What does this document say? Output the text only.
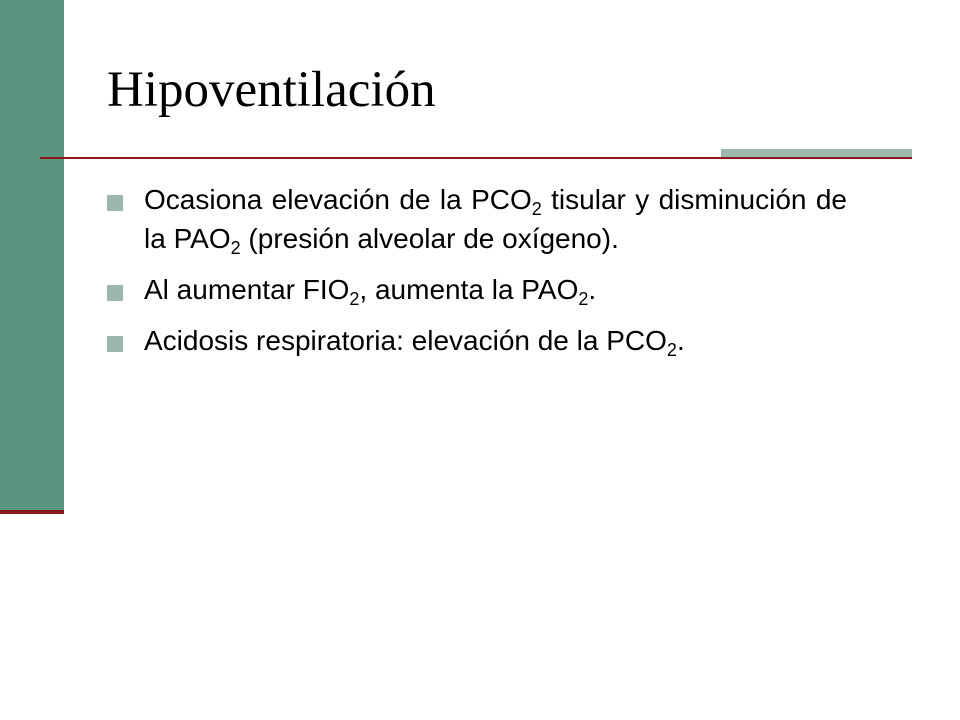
Hipoventilación
Ocasiona elevación de la $PCO_2$ tisular y disminución de la $PAO_2$ (presión alveolar de oxígeno).
Al aumentar $FIO_2$, aumenta la $PAO_2$.
Acidosis respiratoria: elevación de la $PCO_2$.
